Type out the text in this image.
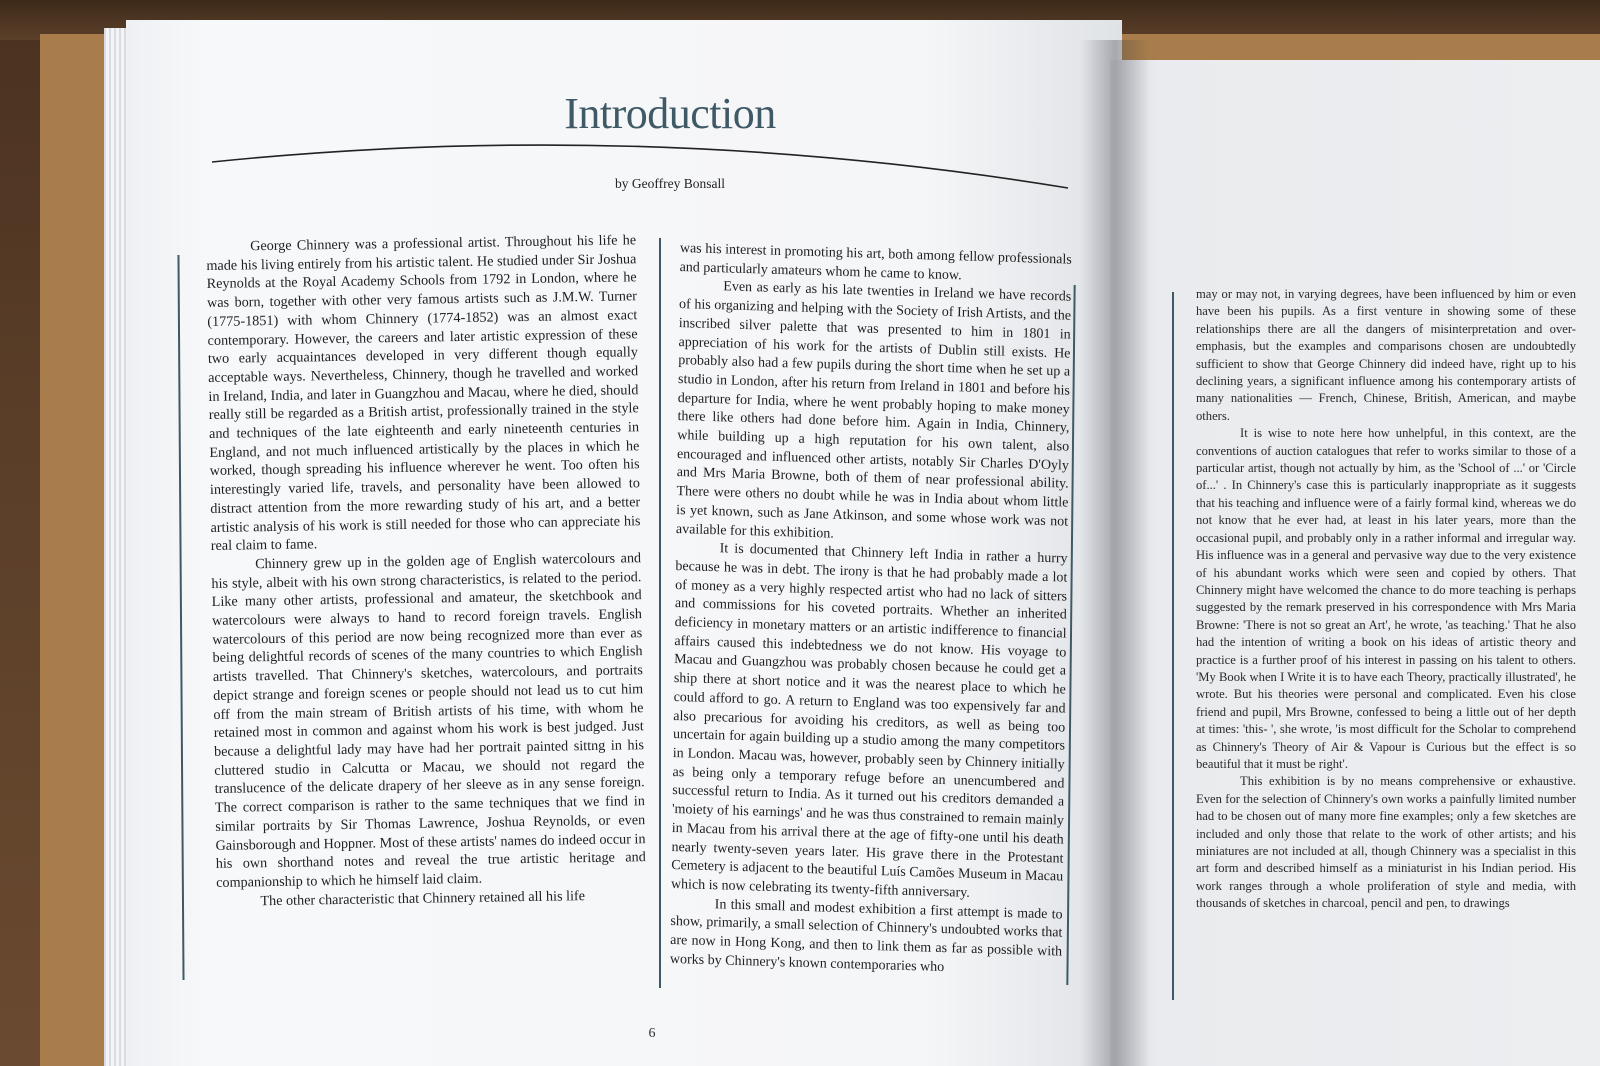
Introduction
by Geoffrey Bonsall

George Chinnery was a professional artist. Throughout his life he made his living entirely from his artistic talent. He studied under Sir Joshua Reynolds at the Royal Academy Schools from 1792 in London, where he was born, together with other very famous artists such as J.M.W. Turner (1775-1851) with whom Chinnery (1774-1852) was an almost exact contemporary. However, the careers and later artistic expression of these two early acquaintances developed in very different though equally acceptable ways. Nevertheless, Chinnery, though he travelled and worked in Ireland, India, and later in Guangzhou and Macau, where he died, should really still be regarded as a British artist, professionally trained in the style and techniques of the late eighteenth and early nineteenth centuries in England, and not much influenced artistically by the places in which he worked, though spreading his influence wherever he went. Too often his interestingly varied life, travels, and personality have been allowed to distract attention from the more rewarding study of his art, and a better artistic analysis of his work is still needed for those who can appreciate his real claim to fame.

Chinnery grew up in the golden age of English watercolours and his style, albeit with his own strong characteristics, is related to the period. Like many other artists, professional and amateur, the sketchbook and watercolours were always to hand to record foreign travels. English watercolours of this period are now being recognized more than ever as being delightful records of scenes of the many countries to which English artists travelled. That Chinnery's sketches, watercolours, and portraits depict strange and foreign scenes or people should not lead us to cut him off from the main stream of British artists of his time, with whom he retained most in common and against whom his work is best judged. Just because a delightful lady may have had her portrait painted sittng in his cluttered studio in Calcutta or Macau, we should not regard the translucence of the delicate drapery of her sleeve as in any sense foreign. The correct comparison is rather to the same techniques that we find in similar portraits by Sir Thomas Lawrence, Joshua Reynolds, or even Gainsborough and Hoppner. Most of these artists' names do indeed occur in his own shorthand notes and reveal the true artistic heritage and companionship to which he himself laid claim.

The other characteristic that Chinnery retained all his life

was his interest in promoting his art, both among fellow professionals and particularly amateurs whom he came to know.

Even as early as his late twenties in Ireland we have records of his organizing and helping with the Society of Irish Artists, and the inscribed silver palette that was presented to him in 1801 in appreciation of his work for the artists of Dublin still exists. He probably also had a few pupils during the short time when he set up a studio in London, after his return from Ireland in 1801 and before his departure for India, where he went probably hoping to make money there like others had done before him. Again in India, Chinnery, while building up a high reputation for his own talent, also encouraged and influenced other artists, notably Sir Charles D'Oyly and Mrs Maria Browne, both of them of near professional ability. There were others no doubt while he was in India about whom little is yet known, such as Jane Atkinson, and some whose work was not available for this exhibition.

It is documented that Chinnery left India in rather a hurry because he was in debt. The irony is that he had probably made a lot of money as a very highly respected artist who had no lack of sitters and commissions for his coveted portraits. Whether an inherited deficiency in monetary matters or an artistic indifference to financial affairs caused this indebtedness we do not know. His voyage to Macau and Guangzhou was probably chosen because he could get a ship there at short notice and it was the nearest place to which he could afford to go. A return to England was too expensively far and also precarious for avoiding his creditors, as well as being too uncertain for again building up a studio among the many competitors in London. Macau was, however, probably seen by Chinnery initially as being only a temporary refuge before an unencumbered and successful return to India. As it turned out his creditors demanded a 'moiety of his earnings' and he was thus constrained to remain mainly in Macau from his arrival there at the age of fifty-one until his death nearly twenty-seven years later. His grave there in the Protestant Cemetery is adjacent to the beautiful Luís Camões Museum in Macau which is now celebrating its twenty-fifth anniversary.

In this small and modest exhibition a first attempt is made to show, primarily, a small selection of Chinnery's undoubted works that are now in Hong Kong, and then to link them as far as possible with works by Chinnery's known contemporaries who

may or may not, in varying degrees, have been influenced by him or even have been his pupils. As a first venture in showing some of these relationships there are all the dangers of misinterpretation and over-emphasis, but the examples and comparisons chosen are undoubtedly sufficient to show that George Chinnery did indeed have, right up to his declining years, a significant influence among his contemporary artists of many nationalities — French, Chinese, British, American, and maybe others.

It is wise to note here how unhelpful, in this context, are the conventions of auction catalogues that refer to works similar to those of a particular artist, though not actually by him, as the 'School of ...' or 'Circle of...' . In Chinnery's case this is particularly inappropriate as it suggests that his teaching and influence were of a fairly formal kind, whereas we do not know that he ever had, at least in his later years, more than the occasional pupil, and probably only in a rather informal and irregular way. His influence was in a general and pervasive way due to the very existence of his abundant works which were seen and copied by others. That Chinnery might have welcomed the chance to do more teaching is perhaps suggested by the remark preserved in his correspondence with Mrs Maria Browne: 'There is not so great an Art', he wrote, 'as teaching.' That he also had the intention of writing a book on his ideas of artistic theory and practice is a further proof of his interest in passing on his talent to others. 'My Book when I Write it is to have each Theory, practically illustrated', he wrote. But his theories were personal and complicated. Even his close friend and pupil, Mrs Browne, confessed to being a little out of her depth at times: 'this- ', she wrote, 'is most difficult for the Scholar to comprehend as Chinnery's Theory of Air & Vapour is Curious but the effect is so beautiful that it must be right'.

This exhibition is by no means comprehensive or exhaustive. Even for the selection of Chinnery's own works a painfully limited number had to be chosen out of many more fine examples; only a few sketches are included and only those that relate to the work of other artists; and his miniatures are not included at all, though Chinnery was a specialist in this art form and described himself as a miniaturist in his Indian period. His work ranges through a whole proliferation of style and media, with thousands of sketches in charcoal, pencil and pen, to drawings

6
